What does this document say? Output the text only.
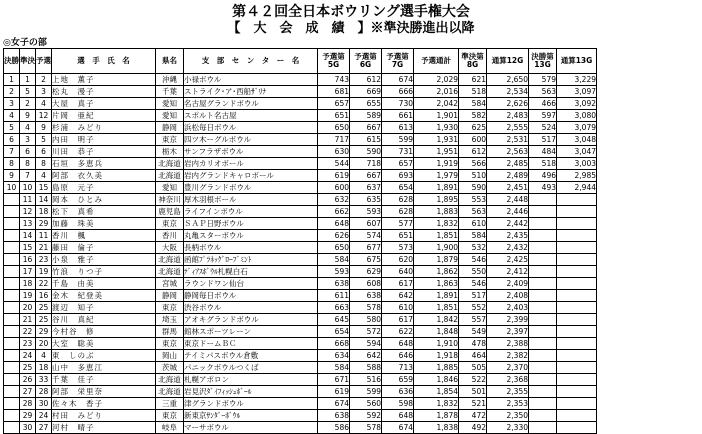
第４２回全日本ボウリング選手権大会
【　大　会　成　績　】※準決勝進出以降
◎女子の部
決勝	準決	予選	選　手　氏　名	県名	支　部　セ　ン　タ　ー　名	予選第5G	予選第6G	予選第7G	予選通計	準決第8G	通算12G	決勝第13G	通算13G
1	1	2	上地　薫子	沖縄	小禄ボウル	743	612	674	2,029	621	2,650	579	3,229
2	5	3	松丸　漫子	千葉	ストライク･ア･西船ｻﾞﾘﾅ	681	669	666	2,016	518	2,534	563	3,097
3	2	4	大屋　真子	愛知	名古屋グランドボウル	657	655	730	2,042	584	2,626	466	3,092
4	9	12	片岡　亜紀	愛知	スポルト名古屋	651	589	661	1,901	582	2,483	597	3,080
5	4	9	杉浦　みどり	静岡	浜松毎日ボウル	650	667	613	1,930	625	2,555	524	3,079
6	3	5	内田　明子	東京	四ツ木ーグルボウル	717	615	599	1,931	600	2,531	517	3,048
7	6	6	川田　恭子	栃木	サンフラザボウル	630	590	731	1,951	612	2,563	484	3,047
8	8	8	石垣　多恵兵	北海道	岩内カリオボール	544	718	657	1,919	566	2,485	518	3,003
9	7	4	阿部　衣久美	北海道	岩内グランドキャロボール	619	667	693	1,979	510	2,489	496	2,985
10	10	15	島原　元子	愛知	豊川グランドボウル	600	637	654	1,891	590	2,451	493	2,944
	11	14	岡本　ひとみ	神奈川	厚木羽根ボール	632	635	628	1,895	553	2,448		
	12	18	松下　真希	鹿児島	ライフインボウル	662	593	628	1,883	563	2,446		
	13	29	加藤　珠美	東京	ＳＡＰ日野ボウル	648	607	577	1,832	610	2,442		
	14	11	香川　楓	香川	丸亀スターボウル	626	574	651	1,851	584	2,435		
	15	21	藤田　倫子	大阪	長柄ボウル	650	677	573	1,900	532	2,432		
	16	23	小泉　雅子	北海道	函館ﾌﾟﾗﾈｯｸﾞﾛｰﾌﾞﾐﾝﾄ	584	675	620	1,879	546	2,425		
	17	19	竹浪　りつ子	北海道	ﾃﾞｨｱｽﾎﾞｳﾙ札幌白石	593	629	640	1,862	550	2,412		
	18	22	千島　由美	宮城	ラウンドワン仙台	638	608	617	1,863	546	2,409		
	19	16	金木　紀登美	静岡	静岡毎日ボウル	611	638	642	1,891	517	2,408		
	20	25	渡辺　知子	東京	渋谷ボウル	663	578	610	1,851	552	2,403		
	21	25	谷川　真紀	埼玉	アオキグランドボウル	645	580	617	1,842	557	2,399		
	22	29	今村谷　修	群馬	館林スポーツレーン	654	572	622	1,848	549	2,397		
	23	20	大室　聡美	東京	東京ドームＢＣ	668	594	648	1,910	478	2,388		
	24	4	東　しのぶ	岡山	テイミパスボウル倉敷	634	642	646	1,918	464	2,382		
	25	18	山中　多恵江	茨城	パニックボウルつくば	584	588	713	1,885	505	2,370		
	26	33	千葉　佳子	北海道	札幌アポロン	671	516	659	1,846	522	2,368		
	27	28	阿部　栄里奈	北海道	岩見沢ﾀﾞｲﾌｨｯｼｭﾎﾞｰﾙ	619	599	636	1,854	501	2,355		
	28	30	佐々木　香子	三重	津グランドボウル	674	560	598	1,832	521	2,353		
	29	24	村田　みどり	東京	新東京ｻﾝﾀﾞｰﾎﾞｳﾙ	638	592	648	1,878	472	2,350		
	30	27	河村　晴子	岐阜	マーサボウル	586	578	674	1,838	492	2,330		
